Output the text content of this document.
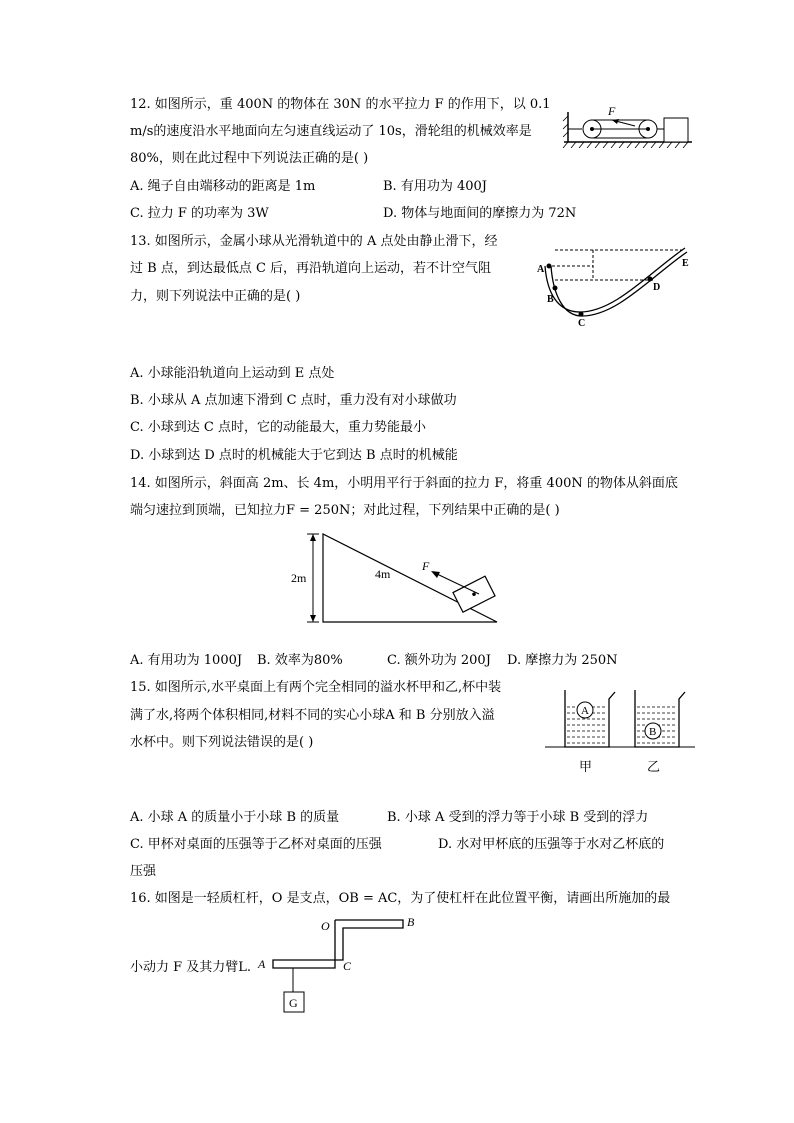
12. 如图所示，重 400N 的物体在 30N 的水平拉力 F 的作用下，以 0.1
m/s的速度沿水平地面向左匀速直线运动了 10s，滑轮组的机械效率是
80%，则在此过程中下列说法正确的是( )
A. 绳子自由端移动的距离是 1m	B. 有用功为 400J
C. 拉力 F 的功率为 3W	D. 物体与地面间的摩擦力为 72N
F
13. 如图所示，金属小球从光滑轨道中的 A 点处由静止滑下，经
过 B 点，到达最低点 C 后，再沿轨道向上运动，若不计空气阻
力，则下列说法中正确的是( )
A
B
C
D
E
A. 小球能沿轨道向上运动到 E 点处
B. 小球从 A 点加速下滑到 C 点时，重力没有对小球做功
C. 小球到达 C 点时，它的动能最大，重力势能最小
D. 小球到达 D 点时的机械能大于它到达 B 点时的机械能
14. 如图所示，斜面高 2m、长 4m，小明用平行于斜面的拉力 F，将重 400N 的物体从斜面底
端匀速拉到顶端，已知拉力F = 250N；对此过程，下列结果中正确的是( )
2m	4m
F
A. 有用功为 1000J B. 效率为80%	C. 额外功为 200J D. 摩擦力为 250N
15. 如图所示,水平桌面上有两个完全相同的溢水杯甲和乙,杯中装
满了水,将两个体积相同,材料不同的实心小球A 和 B 分别放入溢
水杯中。则下列说法错误的是( )
A
B
甲	乙
A. 小球 A 的质量小于小球 B 的质量	B. 小球 A 受到的浮力等于小球 B 受到的浮力
C. 甲杯对桌面的压强等于乙杯对桌面的压强	D. 水对甲杯底的压强等于水对乙杯底的
压强
16. 如图是一轻质杠杆，O 是支点，OB = AC，为了使杠杆在此位置平衡，请画出所施加的最
小动力 F 及其力臂L.
O	B
A	C
G
